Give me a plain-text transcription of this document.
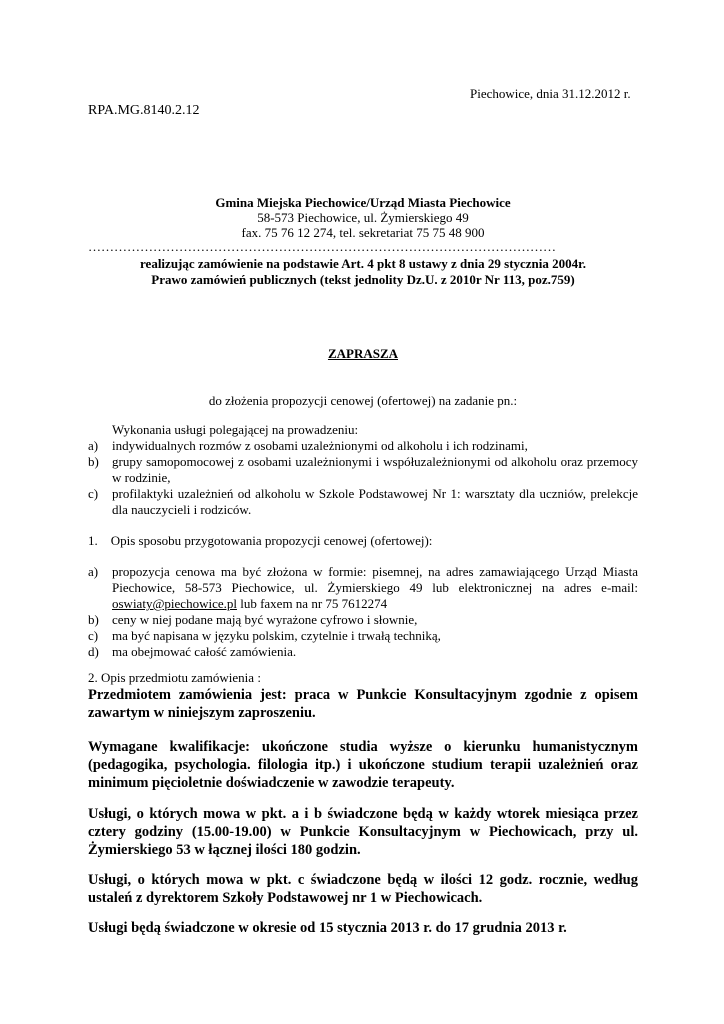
Piechowice, dnia 31.12.2012 r.
RPA.MG.8140.2.12
Gmina Miejska Piechowice/Urząd Miasta Piechowice
58-573 Piechowice, ul. Żymierskiego 49
fax. 75 76 12 274, tel. sekretariat 75 75 48 900
………………………………………………………………………………………………
realizując zamówienie na podstawie Art. 4 pkt 8 ustawy z dnia 29 stycznia 2004r.
Prawo zamówień publicznych (tekst jednolity Dz.U. z 2010r Nr 113, poz.759)
ZAPRASZA
do złożenia propozycji cenowej (ofertowej) na zadanie pn.:
Wykonania usługi polegającej na prowadzeniu:
a) indywidualnych rozmów z osobami uzależnionymi od alkoholu i ich rodzinami,
b) grupy samopomocowej z osobami uzależnionymi i współuzależnionymi od alkoholu oraz przemocy w rodzinie,
c) profilaktyki uzależnień od alkoholu w Szkole Podstawowej Nr 1: warsztaty dla uczniów, prelekcje dla nauczycieli i rodziców.
1. Opis sposobu przygotowania propozycji cenowej (ofertowej):
a) propozycja cenowa ma być złożona w formie: pisemnej, na adres zamawiającego Urząd Miasta Piechowice, 58-573 Piechowice, ul. Żymierskiego 49 lub elektronicznej na adres e-mail: oswiaty@piechowice.pl lub faxem na nr 75 7612274
b) ceny w niej podane mają być wyrażone cyfrowo i słownie,
c) ma być napisana w języku polskim, czytelnie i trwałą techniką,
d) ma obejmować całość zamówienia.
2. Opis przedmiotu zamówienia :
Przedmiotem zamówienia jest: praca w Punkcie Konsultacyjnym zgodnie z opisem zawartym w niniejszym zaproszeniu.
Wymagane kwalifikacje: ukończone studia wyższe o kierunku humanistycznym (pedagogika, psychologia. filologia itp.) i ukończone studium terapii uzależnień oraz minimum pięcioletnie doświadczenie w zawodzie terapeuty.
Usługi, o których mowa w pkt. a i b świadczone będą w każdy wtorek miesiąca przez cztery godziny (15.00-19.00) w Punkcie Konsultacyjnym w Piechowicach, przy ul. Żymierskiego 53 w łącznej ilości 180 godzin.
Usługi, o których mowa w pkt. c świadczone będą w ilości 12 godz. rocznie, według ustaleń z dyrektorem Szkoły Podstawowej nr 1 w Piechowicach.
Usługi będą świadczone w okresie od 15 stycznia 2013 r. do 17 grudnia 2013 r.
